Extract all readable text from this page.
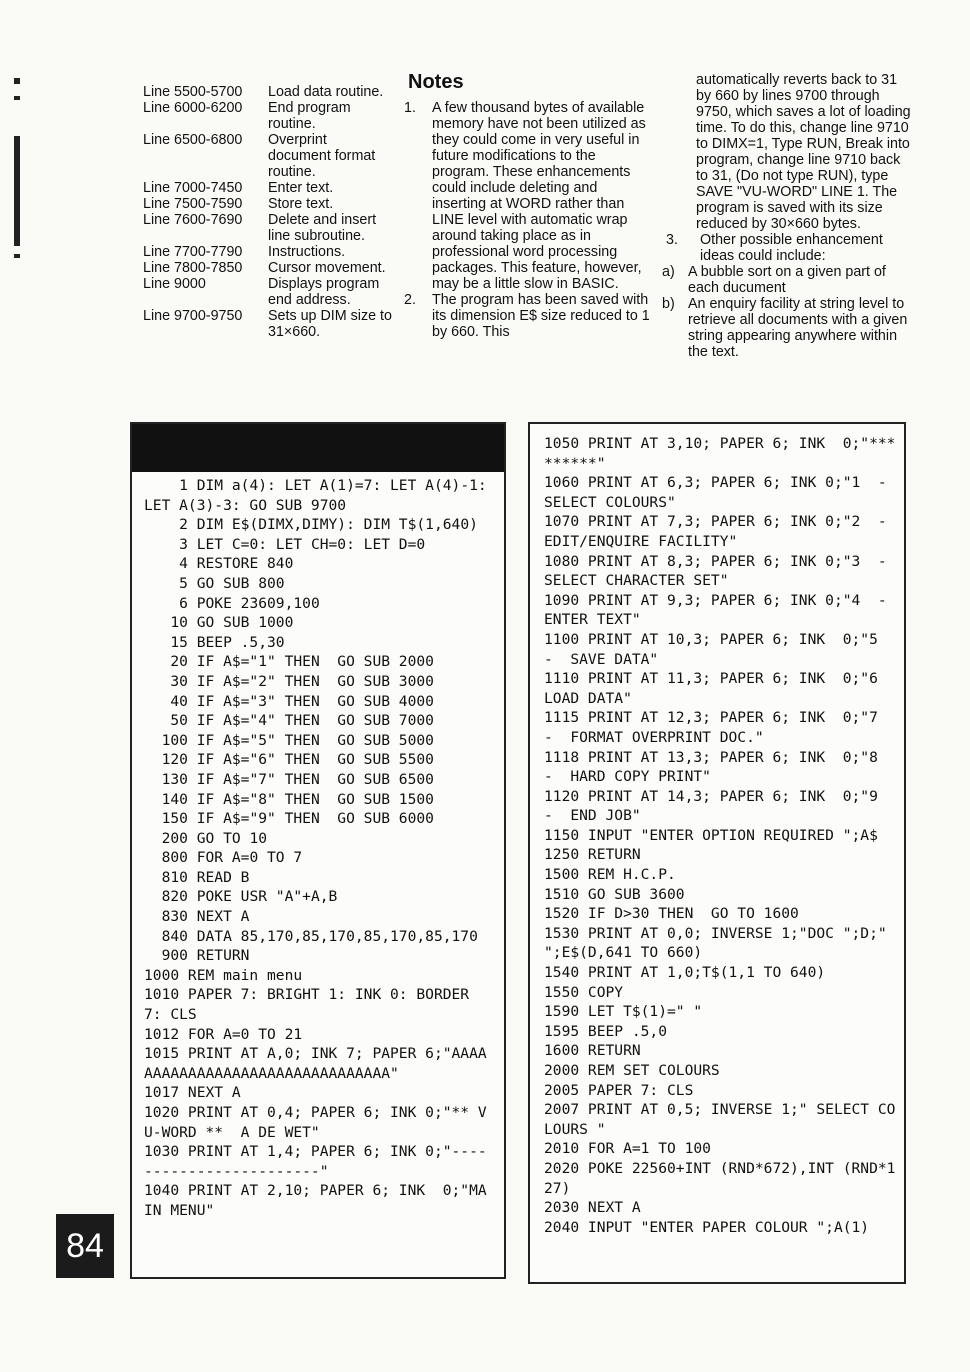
Line 5500-5700	Load data routine.
Line 6000-6200	End program routine.
Line 6500-6800	Overprint document format routine.
Line 7000-7450	Enter text.
Line 7500-7590	Store text.
Line 7600-7690	Delete and insert line subroutine.
Line 7700-7790	Instructions.
Line 7800-7850	Cursor movement.
Line 9000	Displays program end address.
Line 9700-9750	Sets up DIM size to 31×660.
Notes
1.	A few thousand bytes of available memory have not been utilized as they could come in very useful in future modifications to the program. These enhancements could include deleting and inserting at WORD rather than LINE level with automatic wrap around taking place as in professional word processing packages. This feature, however, may be a little slow in BASIC.
2.	The program has been saved with its dimension E$ size reduced to 1 by 660. This
automatically reverts back to 31 by 660 by lines 9700 through 9750, which saves a lot of loading time. To do this, change line 9710 to DIMX=1, Type RUN, Break into program, change line 9710 back to 31, (Do not type RUN), type SAVE "VU-WORD" LINE 1. The program is saved with its size reduced by 30×660 bytes.
3.	Other possible enhancement ideas could include:
a) A bubble sort on a given part of each ducument
b) An enquiry facility at string level to retrieve all documents with a given string appearing anywhere within the text.
1 DIM a(4): LET A(1)=7: LET A(4)-1: LET A(3)-3: GO SUB 9700
2 DIM E$(DIMX,DIMY): DIM T$(1,640)
3 LET C=0: LET CH=0: LET D=0
4 RESTORE 840
5 GO SUB 800
6 POKE 23609,100
10 GO SUB 1000
15 BEEP .5,30
20 IF A$="1" THEN  GO SUB 2000
30 IF A$="2" THEN  GO SUB 3000
40 IF A$="3" THEN  GO SUB 4000
50 IF A$="4" THEN  GO SUB 7000
100 IF A$="5" THEN  GO SUB 5000
120 IF A$="6" THEN  GO SUB 5500
130 IF A$="7" THEN  GO SUB 6500
140 IF A$="8" THEN  GO SUB 1500
150 IF A$="9" THEN  GO SUB 6000
200 GO TO 10
800 FOR A=0 TO 7
810 READ B
820 POKE USR "A"+A,B
830 NEXT A
840 DATA 85,170,85,170,85,170,85,170
900 RETURN
1000 REM main menu
1010 PAPER 7: BRIGHT 1: INK 0: BORDER 7: CLS
1012 FOR A=0 TO 21
1015 PRINT AT A,0; INK 7; PAPER 6;"AAAAAAAAAAAAAAAAAAAAAAAAAAAAAAAA"
1017 NEXT A
1020 PRINT AT 0,4; PAPER 6; INK 0;"** VU-WORD **  A DE WET"
1030 PRINT AT 1,4; PAPER 6; INK 0;"------------------------"
1040 PRINT AT 2,10; PAPER 6; INK  0;"MAIN MENU"
1050 PRINT AT 3,10; PAPER 6; INK  0;"*********"
1060 PRINT AT 6,3; PAPER 6; INK 0;"1  -  SELECT COLOURS"
1070 PRINT AT 7,3; PAPER 6; INK 0;"2  -  EDIT/ENQUIRE FACILITY"
1080 PRINT AT 8,3; PAPER 6; INK 0;"3  -  SELECT CHARACTER SET"
1090 PRINT AT 9,3; PAPER 6; INK 0;"4  -  ENTER TEXT"
1100 PRINT AT 10,3; PAPER 6; INK  0;"5  -  SAVE DATA"
1110 PRINT AT 11,3; PAPER 6; INK  0;"6     LOAD DATA"
1115 PRINT AT 12,3; PAPER 6; INK  0;"7  -  FORMAT OVERPRINT DOC."
1118 PRINT AT 13,3; PAPER 6; INK  0;"8  -  HARD COPY PRINT"
1120 PRINT AT 14,3; PAPER 6; INK  0;"9  -  END JOB"
1150 INPUT "ENTER OPTION REQUIRED ";A$
1250 RETURN
1500 REM H.C.P.
1510 GO SUB 3600
1520 IF D>30 THEN  GO TO 1600
1530 PRINT AT 0,0; INVERSE 1;"DOC ";D;"  ";E$(D,641 TO 660)
1540 PRINT AT 1,0;T$(1,1 TO 640)
1550 COPY
1590 LET T$(1)=" "
1595 BEEP .5,0
1600 RETURN
2000 REM SET COLOURS
2005 PAPER 7: CLS
2007 PRINT AT 0,5; INVERSE 1;" SELECT COLOURS "
2010 FOR A=1 TO 100
2020 POKE 22560+INT (RND*672),INT (RND*127)
2030 NEXT A
2040 INPUT "ENTER PAPER COLOUR ";A(1)
84
